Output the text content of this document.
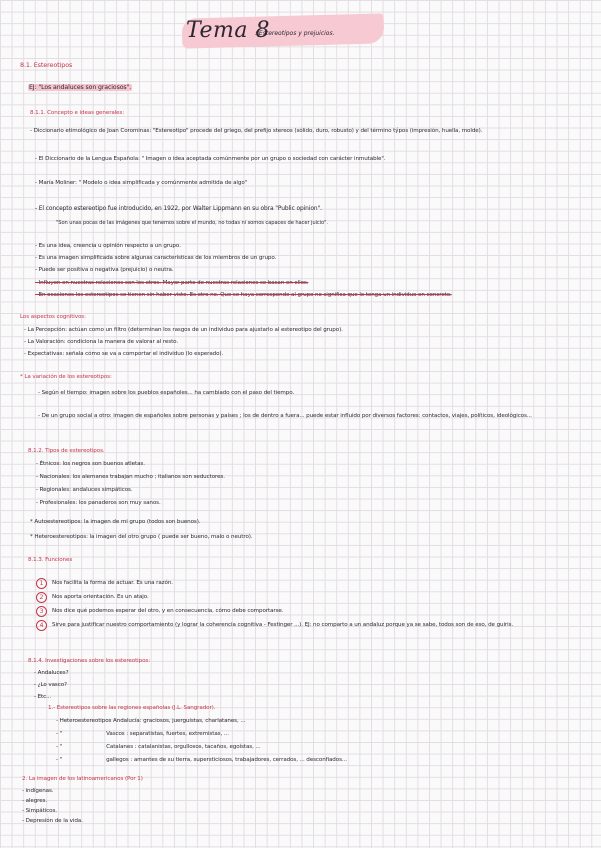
Tema 8
: Estereotipos y prejuicios.
8.1. Estereotipos
EJ: "Los andaluces son graciosos".
8.1.1. Concepto e ideas generales:
- Diccionario etimológico de Joan Corominas: "Estereotipo" procede del griego, del prefijo stereos (sólido, duro, robusto) y del término týpos (impresión, huella, molde).
- El Diccionario de la Lengua Española: " Imagen o idea aceptada comúnmente por un grupo o sociedad con carácter inmutable".
- María Moliner: " Modelo o idea simplificada y comúnmente admitida de algo"
- El concepto estereotipo fue introducido, en 1922, por Walter Lippmann en su obra "Public opinion".
"Son unas pocas de las imágenes que tenemos sobre el mundo, no todas ni somos capaces de hacer juicio".
- Es una idea, creencia u opinión respecto a un grupo.
- Es una imagen simplificada sobre algunas características de los miembros de un grupo.
- Puede ser positiva o negativa (prejuicio) o neutra.
- Influyen en nuestras relaciones con los otros. Mayor parte de nuestras relaciones se basan en ellos.
- En ocasiones los estereotipos se tienen sin haber visto. Es otro no. Que se haya corresponde al grupo no significa que lo tenga un individuo en concreto.
Los aspectos cognitivos:
- La Percepción: actúan como un filtro (determinan los rasgos de un individuo para ajustarlo al estereotipo del grupo).
- La Valoración: condiciona la manera de valorar al resto.
- Expectativas: señala cómo se va a comportar el individuo (lo esperado).
* La variación de los estereotipos:
- Según el tiempo: imagen sobre los pueblos españoles... ha cambiado con el paso del tiempo.
- De un grupo social a otro: imagen de españoles sobre personas y países ; los de dentro a fuera... puede estar influido por diversos factores: contactos, viajes, políticos, ideológicos...
8.1.2. Tipos de estereotipos.
- Étnicos: los negros son buenos atletas.
- Nacionales: los alemanes trabajan mucho ; italianos son seductores.
- Regionales: andaluces simpáticos.
- Profesionales: los panaderos son muy sanos.
* Autoestereotipos: la imagen de mi grupo (todos son buenos).
* Heteroestereotipos: la imagen del otro grupo ( puede ser bueno, malo o neutro).
8.1.3. Funciones
1	Nos facilita la forma de actuar. Es una razón.
2	Nos aporta orientación. Es un atajo.
3	Nos dice qué podemos esperar del otro, y en consecuencia, cómo debe comportarse.
4	Sirve para justificar nuestro comportamiento (y lograr la coherencia cognitiva - Festinger ...). EJ: no comparto a un andaluz porque ya se sabe, todos son de eso, de guiris.
8.1.4. Investigaciones sobre los estereotipos:
- Andaluces?
- ¿Lo vasco?
- Etc...
1.- Estereotipos sobre las regiones españolas (J.L. Sangrador).
- Heteroestereotipos Andalucía: graciosos, juerguistas, charlatanes, ...
- "	Vascos : separatistas, fuertes, extremistas, ...
- "	Catalanes : catalanistas, orgullosos, tacaños, egoístas, ...
- "	gallegos : amantes de su tierra, supersticiosos, trabajadores, cerrados, ... desconfiados...
2. La imagen de los latinoamericanos (Por 1)
- indígenas.
- alegres.
- Simpáticos.
- Depresión de la vida.
